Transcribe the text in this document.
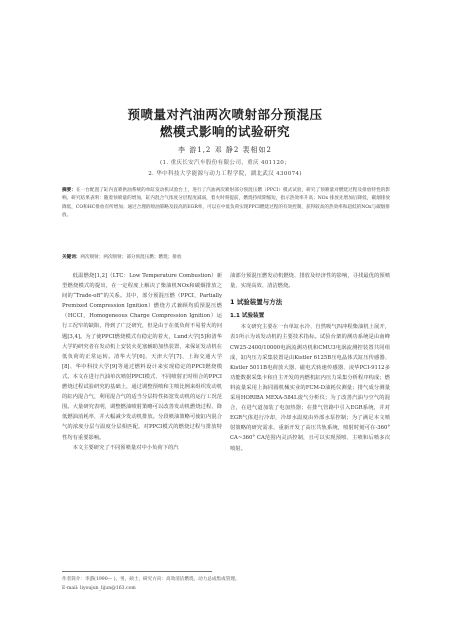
预喷量对汽油两次喷射部分预混压
燃模式影响的试验研究
李 游1,2 邓 静2 裴相如2
(1. 重庆长安汽车股份有限公司，重庆 401120；
2. 华中科技大学能源与动力工程学院，湖北武汉 430074)
摘要：在一台配置了缸内直喷供油系统的单缸发动机试验台上，进行了汽油两次喷射部分预混压燃（PPCI）模式试验，研究了预喷量对燃烧过程及排放特性的影响。研究结果表明：随着预喷量的增加，缸内混合气浓度分层程度减弱，着火时刻提前，燃烧持续期缩短，指示热效率升高；NOx 排放先增加后降低，碳烟排放降低，CO和HC排放有所增加；通过合理的喷油策略及较高的EGR率，可以在中低负荷实现PPCI燃烧过程的有效控制，获得较高的热效率和超低的NOx与碳烟排放。
关键词：两次喷射；两次喷射；部分预混压燃；燃烧；排放

低温燃烧[1,2]（LTC：Low Temperature Combustion）新型燃烧模式的提出，在一定程度上解决了柴油机NOx和碳烟排放之间的“Trade-off”的关系。其中，部分预混压燃（PPCI，Partially Premixed Compression Ignition）燃烧方式兼顾均质预混压燃（HCCI，Homogeneous Charge Compression Ignition）运行工况窄的缺陷，得到了广泛研究，但是由于在低负荷不易着火的问题[3,4]。为了使PPCI燃烧模式有稳定的着火，Lund大学[5]和清华大学的研究者在发动机上安装火花塞辅助加热装置，来保证发动机在低负荷的正常运转。清华大学[6]、天津大学[7]、上海交通大学[8]、华中科技大学[9]等通过燃料设计来实现稳定的PPCI燃烧模式。本文在进行汽油单次喷射PPCI模式、不同喷射正时组合的PPCI燃烧过程试验研究的基础上，通过调整预喷和主喷比例来组织发动机的缸内混合气，利用混合气的适当分层特性拓宽发动机的运行工况范围。大量研究表明，调整燃油喷射策略可以改善发动机燃烧过程、降低燃油消耗率，并大幅减少发动机排放。分段喷油策略可使缸内混合气的浓度分层与温度分层相匹配，对PPCI模式的燃烧过程与排放特性均有重要影响。

本文主要研究了不同预喷量对中小负荷下的汽

油部分预混压燃发动机燃烧、排放及经济性的影响，寻找最优的预喷量，实现高效、清洁燃烧。

1 试验装置与方法
1.1 试验装置

本文研究主要在一台单缸水冷、自然吸气四冲程柴油机上展开，表1所示为该发动机的主要技术指标。试验台架的测功系统是由南峰CW25-2400/10000电涡流测功机和CMU3电涡流测控装置共同组成，缸内压力采集装置是由Kistler 6125B压电晶体式缸压传感器、Kistler 5011B电荷放大器、磁电式转速传感器、凌华PCI-9112多功能数据采集卡和自主开发的内燃机缸内压力采集分析程序构成；燃料流量采用上海同圆机械实业的FCM-D油耗仪测量；排气成分测量采用HORIBA MEXA-584L废气分析仪；为了改善汽油与空气的混合，在进气道加装了电加热器；在排气管路中引入EGR系统，并对EGR气体进行冷却，冷却水温度由外部水泵控制；为了满足本文喷射策略的研究需求，重新开发了高压共轨系统，喷射时刻可在-360° CA~360° CA范围内灵活控制，且可以实现预喷、主喷和后喷多次喷射。

作者简介：李游(1990— )，男，硕士，研究方向：高效清洁燃烧、动力总成集成管理。
E-mail: liyoujun_lijun@163.com
